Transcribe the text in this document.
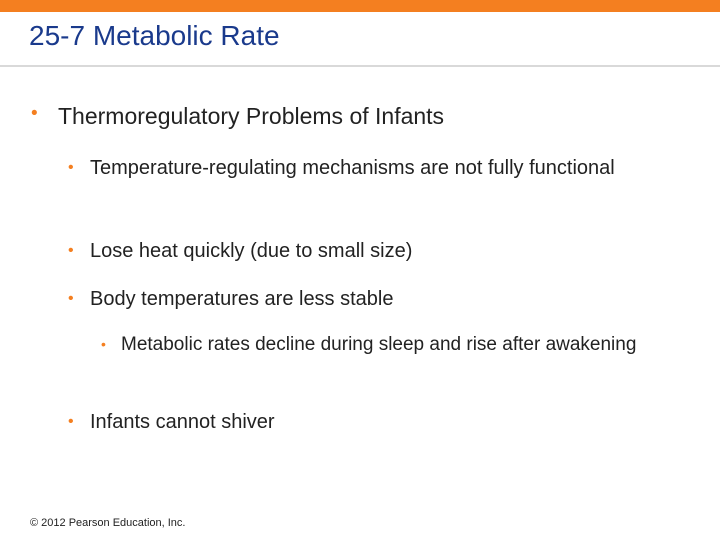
25-7 Metabolic Rate
• Thermoregulatory Problems of Infants
• Temperature-regulating mechanisms are not fully functional
• Lose heat quickly (due to small size)
• Body temperatures are less stable
• Metabolic rates decline during sleep and rise after awakening
• Infants cannot shiver
© 2012 Pearson Education, Inc.
